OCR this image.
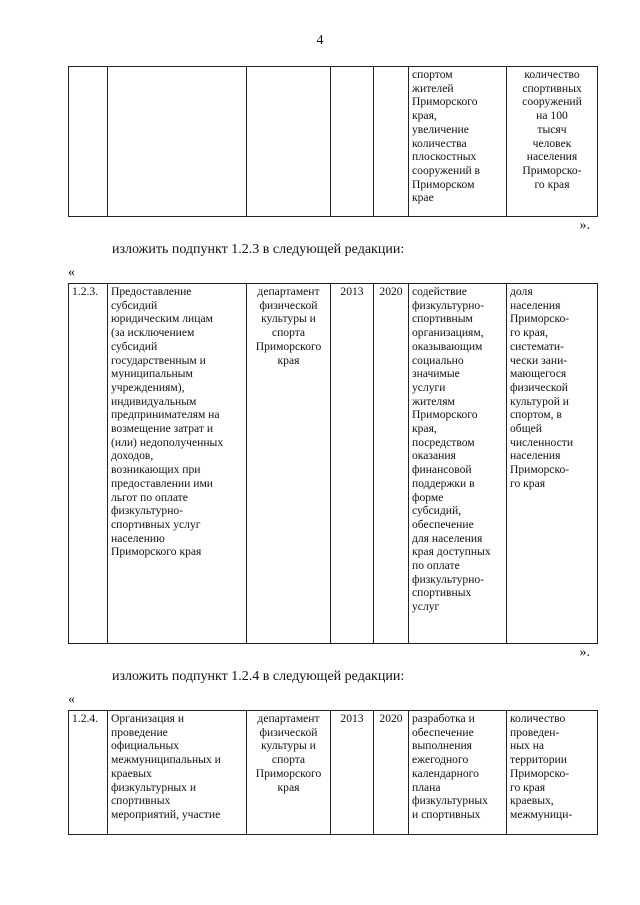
4
					спортом
жителей
Приморского
края,
увеличение
количества
плоскостных
сооружений в
Приморском
крае	количество
спортивных
сооружений
на 100
тысяч
человек
населения
Приморско-
го края
».
изложить подпункт 1.2.3 в следующей редакции:
«
1.2.3.	Предоставление
субсидий
юридическим лицам
(за исключением
субсидий
государственным и
муниципальным
учреждениям),
индивидуальным
предпринимателям на
возмещение затрат и
(или) недополученных
доходов,
возникающих при
предоставлении ими
льгот по оплате
физкультурно-
спортивных услуг
населению
Приморского края	департамент
физической
культуры и
спорта
Приморского
края	2013	2020	содействие
физкультурно-
спортивным
организациям,
оказывающим
социально
значимые
услуги
жителям
Приморского
края,
посредством
оказания
финансовой
поддержки в
форме
субсидий,
обеспечение
для населения
края доступных
по оплате
физкультурно-
спортивных
услуг	доля
населения
Приморско-
го края,
системати-
чески зани-
мающегося
физической
культурой и
спортом, в
общей
численности
населения
Приморско-
го края
».
изложить подпункт 1.2.4 в следующей редакции:
«
1.2.4.	Организация и
проведение
официальных
межмуниципальных и
краевых
физкультурных и
спортивных
мероприятий, участие	департамент
физической
культуры и
спорта
Приморского
края	2013	2020	разработка и
обеспечение
выполнения
ежегодного
календарного
плана
физкультурных
и спортивных	количество
проведен-
ных на
территории
Приморско-
го края
краевых,
межмуници-
